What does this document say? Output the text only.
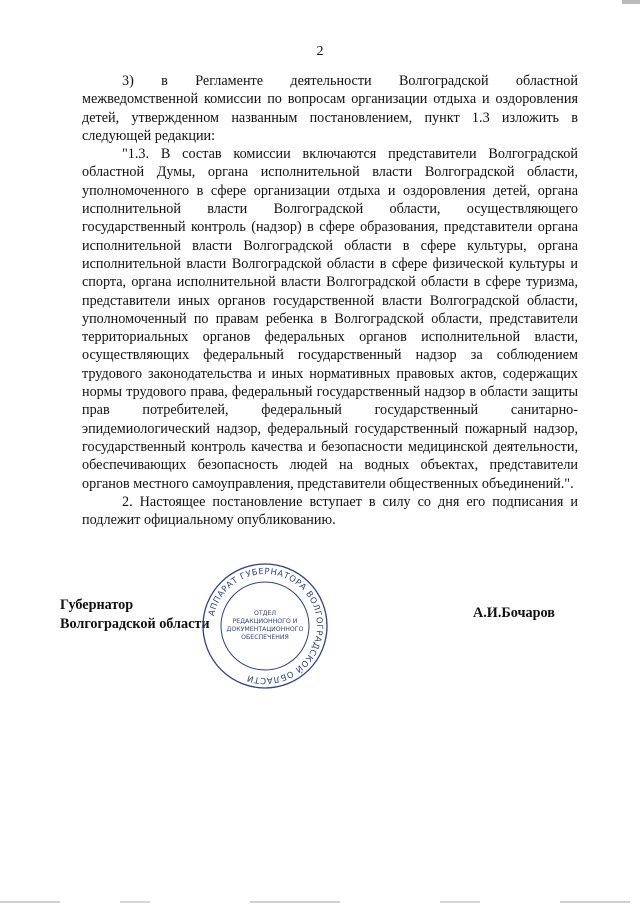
2

3) в Регламенте деятельности Волгоградской областной межведомственной комиссии по вопросам организации отдыха и оздоровления детей, утвержденном названным постановлением, пункт 1.3 изложить в следующей редакции:

"1.3. В состав комиссии включаются представители Волгоградской областной Думы, органа исполнительной власти Волгоградской области, уполномоченного в сфере организации отдыха и оздоровления детей, органа исполнительной власти Волгоградской области, осуществляющего государственный контроль (надзор) в сфере образования, представители органа исполнительной власти Волгоградской области в сфере культуры, органа исполнительной власти Волгоградской области в сфере физической культуры и спорта, органа исполнительной власти Волгоградской области в сфере туризма, представители иных органов государственной власти Волгоградской области, уполномоченный по правам ребенка в Волгоградской области, представители территориальных органов федеральных органов исполнительной власти, осуществляющих федеральный государственный надзор за соблюдением трудового законодательства и иных нормативных правовых актов, содержащих нормы трудового права, федеральный государственный надзор в области защиты прав потребителей, федеральный государственный санитарно-эпидемиологический надзор, федеральный государственный пожарный надзор, государственный контроль качества и безопасности медицинской деятельности, обеспечивающих безопасность людей на водных объектах, представители органов местного самоуправления, представители общественных объединений.".

2. Настоящее постановление вступает в силу со дня его подписания и подлежит официальному опубликованию.

Губернатор
Волгоградской области
А.И.Бочаров
АППАРАТ ГУБЕРНАТОРА ВОЛГОГРАДСКОЙ ОБЛАСТИ
ОТДЕЛ
РЕДАКЦИОННОГО И
ДОКУМЕНТАЦИОННОГО
ОБЕСПЕЧЕНИЯ
